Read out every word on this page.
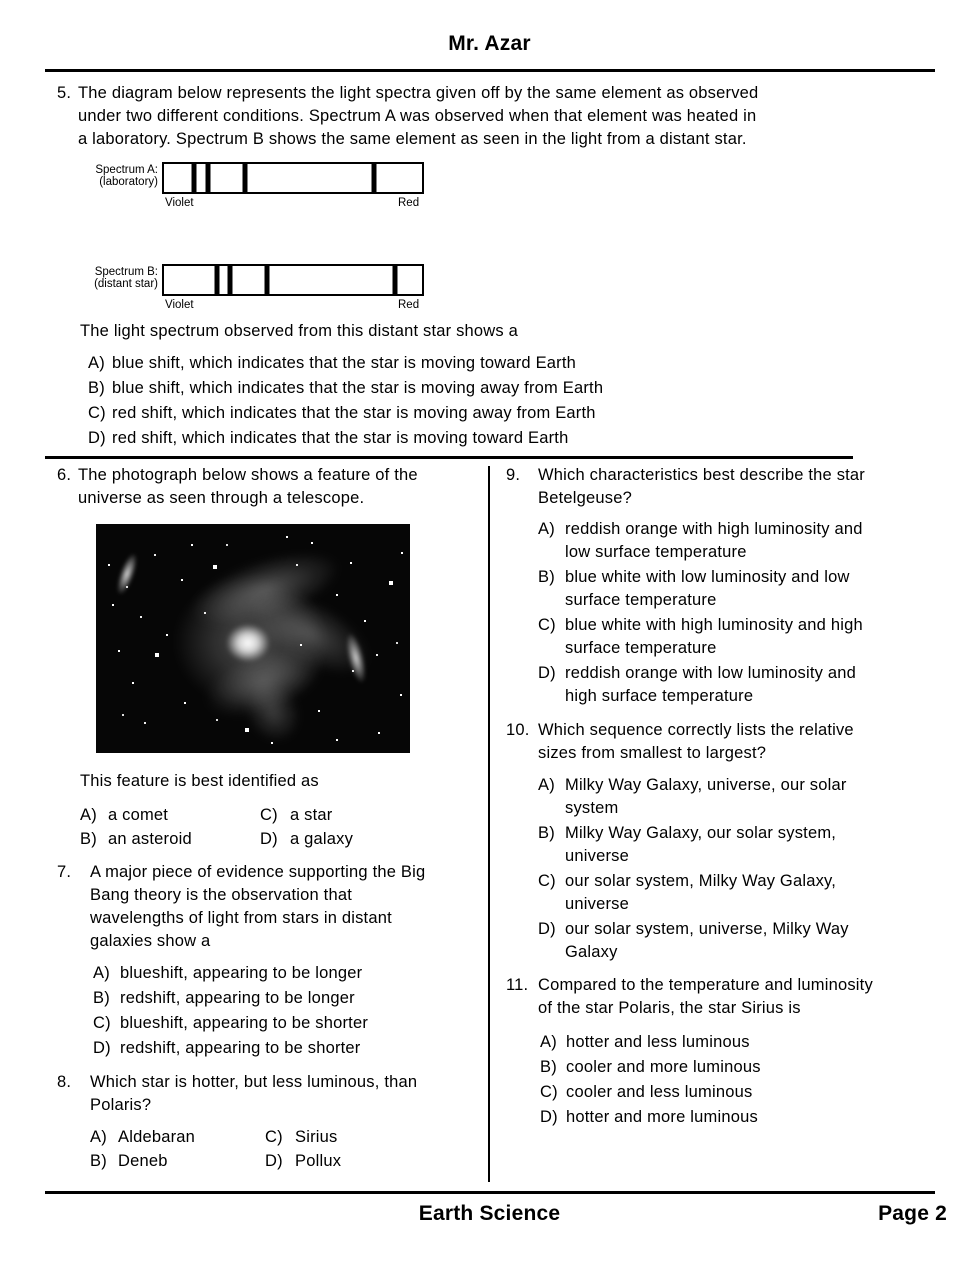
Mr. Azar
5. The diagram below represents the light spectra given off by the same element as observed
under two different conditions. Spectrum A was observed when that element was heated in
a laboratory. Spectrum B shows the same element as seen in the light from a distant star.
Spectrum A:
(laboratory)
Violet	Red
Spectrum B:
(distant star)
Violet	Red
The light spectrum observed from this distant star shows a
A) blue shift, which indicates that the star is moving toward Earth
B) blue shift, which indicates that the star is moving away from Earth
C) red shift, which indicates that the star is moving away from Earth
D) red shift, which indicates that the star is moving toward Earth
6. The photograph below shows a feature of the
universe as seen through a telescope.
This feature is best identified as
A) a comet	C) a star
B) an asteroid	D) a galaxy
7. A major piece of evidence supporting the Big
Bang theory is the observation that
wavelengths of light from stars in distant
galaxies show a
A) blueshift, appearing to be longer
B) redshift, appearing to be longer
C) blueshift, appearing to be shorter
D) redshift, appearing to be shorter
8. Which star is hotter, but less luminous, than
Polaris?
A) Aldebaran	C) Sirius
B) Deneb	D) Pollux
9. Which characteristics best describe the star
Betelgeuse?
A) reddish orange with high luminosity and
low surface temperature
B) blue white with low luminosity and low
surface temperature
C) blue white with high luminosity and high
surface temperature
D) reddish orange with low luminosity and
high surface temperature
10. Which sequence correctly lists the relative
sizes from smallest to largest?
A) Milky Way Galaxy, universe, our solar
system
B) Milky Way Galaxy, our solar system,
universe
C) our solar system, Milky Way Galaxy,
universe
D) our solar system, universe, Milky Way
Galaxy
11. Compared to the temperature and luminosity
of the star Polaris, the star Sirius is
A) hotter and less luminous
B) cooler and more luminous
C) cooler and less luminous
D) hotter and more luminous
Earth Science	Page 2
